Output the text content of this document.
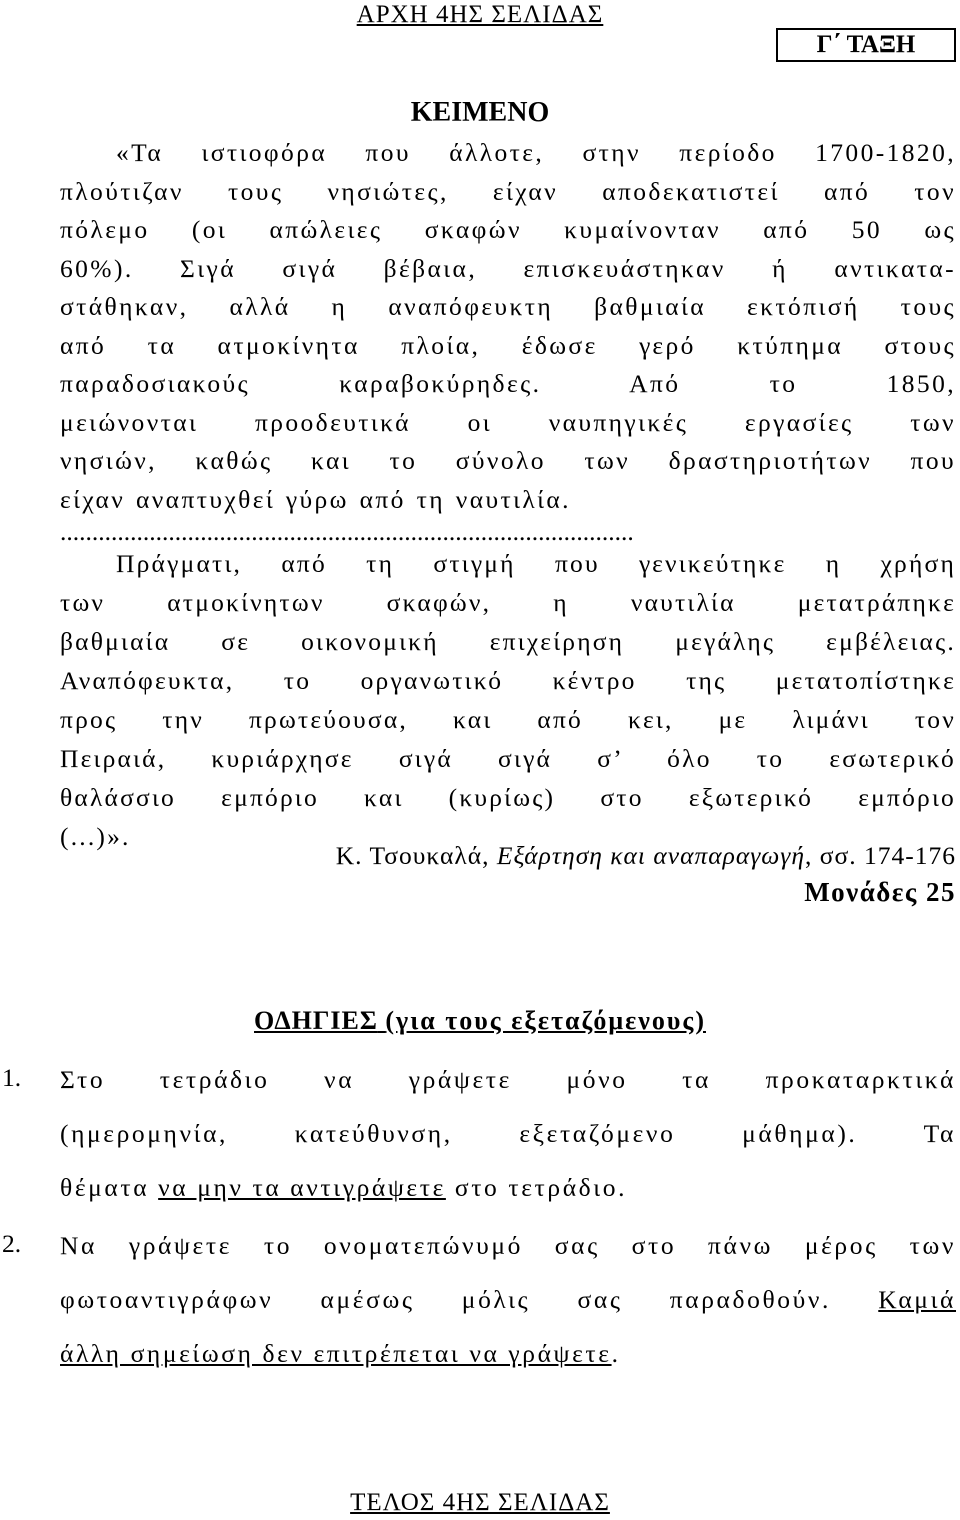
ΑΡΧΗ 4ΗΣ ΣΕΛΙΔΑΣ
Γ΄ ΤΑΞΗ
ΚΕΙΜΕΝΟ
«Τα ιστιοφόρα που άλλοτε, στην περίοδο 1700-1820,
πλούτιζαν τους νησιώτες, είχαν αποδεκατιστεί από τον
πόλεμο (οι απώλειες σκαφών κυμαίνονταν από 50 ως
60%). Σιγά σιγά βέβαια, επισκευάστηκαν ή αντικατα-
στάθηκαν, αλλά η αναπόφευκτη βαθμιαία εκτόπισή τους
από τα ατμοκίνητα πλοία, έδωσε γερό κτύπημα στους
παραδοσιακούς καραβοκύρηδες. Από το 1850,
μειώνονται προοδευτικά οι ναυπηγικές εργασίες των
νησιών, καθώς και το σύνολο των δραστηριοτήτων που
είχαν αναπτυχθεί γύρω από τη ναυτιλία.
..........................................................................................
Πράγματι, από τη στιγμή που γενικεύτηκε η χρήση
των ατμοκίνητων σκαφών, η ναυτιλία μετατράπηκε
βαθμιαία σε οικονομική επιχείρηση μεγάλης εμβέλειας.
Αναπόφευκτα, το οργανωτικό κέντρο της μετατοπίστηκε
προς την πρωτεύουσα, και από κει, με λιμάνι τον
Πειραιά, κυριάρχησε σιγά σιγά σ’ όλο το εσωτερικό
θαλάσσιο εμπόριο και (κυρίως) στο εξωτερικό εμπόριο
(...)».
Κ. Τσουκαλά, Εξάρτηση και αναπαραγωγή, σσ. 174-176
Μονάδες 25
ΟΔΗΓΙΕΣ (για τους εξεταζόμενους)
1. Στο τετράδιο να γράψετε μόνο τα προκαταρκτικά
(ημερομηνία, κατεύθυνση, εξεταζόμενο μάθημα). Τα
θέματα να μην τα αντιγράψετε στο τετράδιο.
2. Να γράψετε το ονοματεπώνυμό σας στο πάνω μέρος των
φωτοαντιγράφων αμέσως μόλις σας παραδοθούν. Καμιά
άλλη σημείωση δεν επιτρέπεται να γράψετε.
ΤΕΛΟΣ 4ΗΣ ΣΕΛΙΔΑΣ
